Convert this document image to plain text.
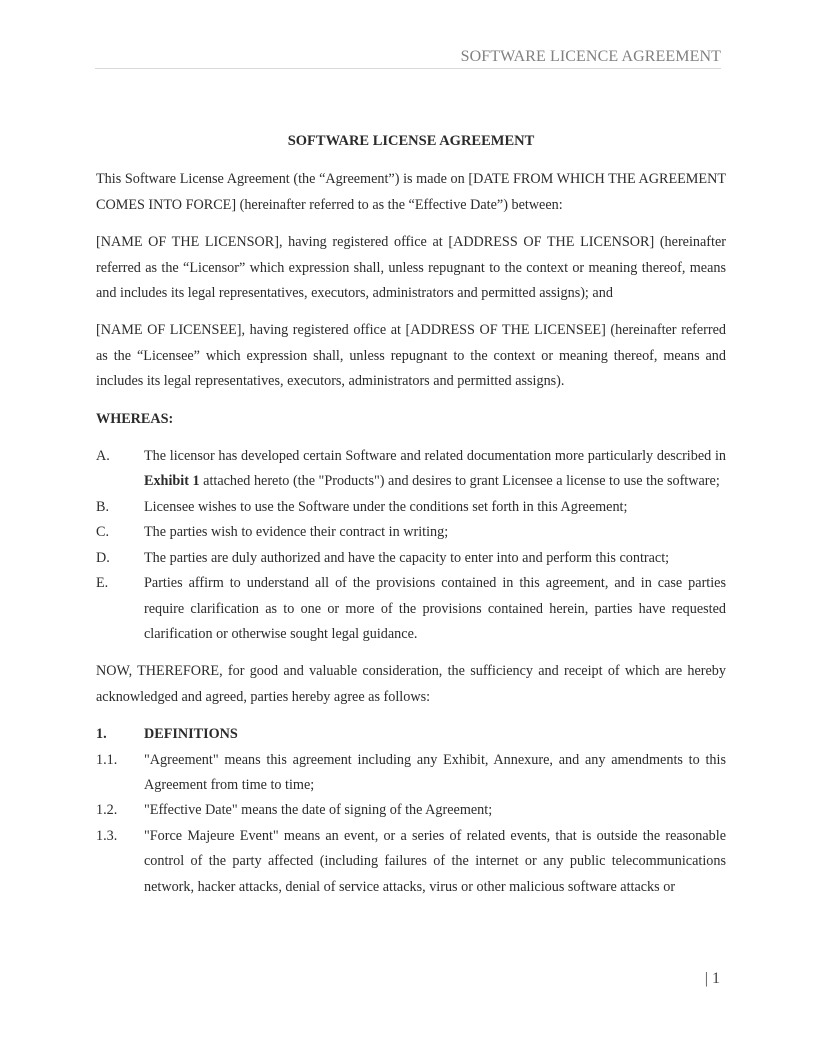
SOFTWARE LICENCE AGREEMENT
SOFTWARE LICENSE AGREEMENT

This Software License Agreement (the “Agreement”) is made on [DATE FROM WHICH THE AGREEMENT COMES INTO FORCE] (hereinafter referred to as the “Effective Date”) between:

[NAME OF THE LICENSOR], having registered office at [ADDRESS OF THE LICENSOR] (hereinafter referred as the “Licensor” which expression shall, unless repugnant to the context or meaning thereof, means and includes its legal representatives, executors, administrators and permitted assigns); and

[NAME OF LICENSEE], having registered office at [ADDRESS OF THE LICENSEE] (hereinafter referred as the “Licensee” which expression shall, unless repugnant to the context or meaning thereof, means and includes its legal representatives, executors, administrators and permitted assigns).

WHEREAS:
A.	The licensor has developed certain Software and related documentation more particularly described in Exhibit 1 attached hereto (the "Products") and desires to grant Licensee a license to use the software;
B.	Licensee wishes to use the Software under the conditions set forth in this Agreement;
C.	The parties wish to evidence their contract in writing;
D.	The parties are duly authorized and have the capacity to enter into and perform this contract;
E.	Parties affirm to understand all of the provisions contained in this agreement, and in case parties require clarification as to one or more of the provisions contained herein, parties have requested clarification or otherwise sought legal guidance.

NOW, THEREFORE, for good and valuable consideration, the sufficiency and receipt of which are hereby acknowledged and agreed, parties hereby agree as follows:

1.	DEFINITIONS
1.1.	"Agreement" means this agreement including any Exhibit, Annexure, and any amendments to this Agreement from time to time;
1.2.	"Effective Date" means the date of signing of the Agreement;
1.3.	"Force Majeure Event" means an event, or a series of related events, that is outside the reasonable control of the party affected (including failures of the internet or any public telecommunications network, hacker attacks, denial of service attacks, virus or other malicious software attacks or
| 1
